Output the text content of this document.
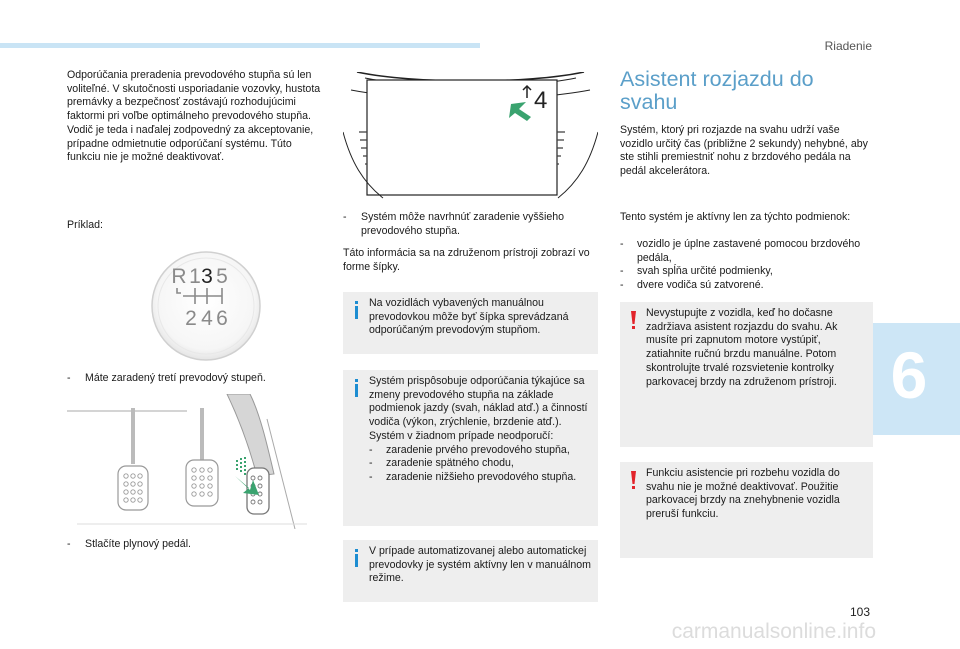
Riadenie
6
Odporúčania preradenia prevodového stupňa sú len voliteľné. V skutočnosti usporiadanie vozovky, hustota premávky a bezpečnosť zostávajú rozhodujúcimi faktormi pri voľbe optimálneho prevodového stupňa. Vodič je teda i naďalej zodpovedný za akceptovanie, prípadne odmietnutie odporúčaní systému. Túto funkciu nie je možné deaktivovať.
Príklad:
R 1 3 5
2 4 6
- Máte zaradený tretí prevodový stupeň.
- Stlačíte plynový pedál.
4
- Systém môže navrhnúť zaradenie vyššieho prevodového stupňa.
Táto informácia sa na združenom prístroji zobrazí vo forme šípky.
Na vozidlách vybavených manuálnou prevodovkou môže byť šípka sprevádzaná odporúčaným prevodovým stupňom.
Systém prispôsobuje odporúčania týkajúce sa zmeny prevodového stupňa na základe podmienok jazdy (svah, náklad atď.) a činností vodiča (výkon, zrýchlenie, brzdenie atď.).
Systém v žiadnom prípade neodporučí:
- zaradenie prvého prevodového stupňa,
- zaradenie spätného chodu,
- zaradenie nižšieho prevodového stupňa.
V prípade automatizovanej alebo automatickej prevodovky je systém aktívny len v manuálnom režime.
Asistent rozjazdu do svahu
Systém, ktorý pri rozjazde na svahu udrží vaše vozidlo určitý čas (približne 2 sekundy) nehybné, aby ste stihli premiestniť nohu z brzdového pedála na pedál akcelerátora.
Tento systém je aktívny len za týchto podmienok:
- vozidlo je úplne zastavené pomocou brzdového pedála,
- svah spĺňa určité podmienky,
- dvere vodiča sú zatvorené.
Nevystupujte z vozidla, keď ho dočasne zadržiava asistent rozjazdu do svahu. Ak musíte pri zapnutom motore vystúpiť, zatiahnite ručnú brzdu manuálne. Potom skontrolujte trvalé rozsvietenie kontrolky parkovacej brzdy na združenom prístroji.
Funkciu asistencie pri rozbehu vozidla do svahu nie je možné deaktivovať. Použitie parkovacej brzdy na znehybnenie vozidla preruší funkciu.
103
carmanualsonline.info
